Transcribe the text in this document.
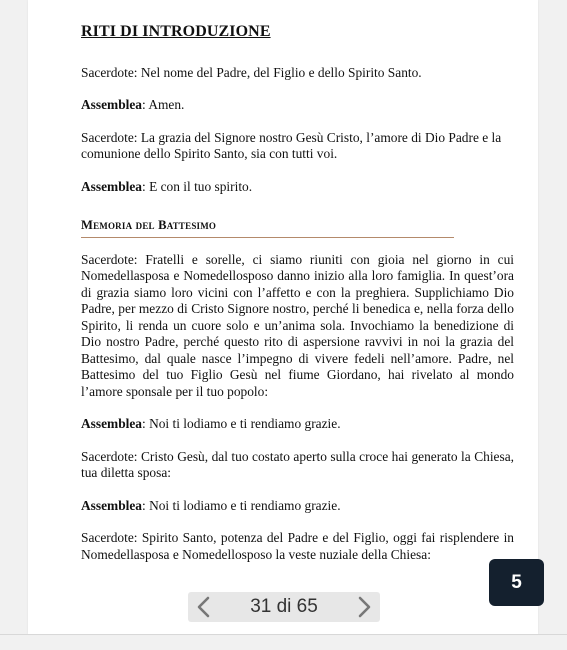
RITI DI INTRODUZIONE
Sacerdote: Nel nome del Padre, del Figlio e dello Spirito Santo.
Assemblea: Amen.
Sacerdote: La grazia del Signore nostro Gesù Cristo, l’amore di Dio Padre e la comunione dello Spirito Santo, sia con tutti voi.
Assemblea: E con il tuo spirito.
Memoria del Battesimo
Sacerdote: Fratelli e sorelle, ci siamo riuniti con gioia nel giorno in cui Nomedellasposa e Nomedellosposo danno inizio alla loro famiglia. In quest’ora di grazia siamo loro vicini con l’affetto e con la preghiera. Supplichiamo Dio Padre, per mezzo di Cristo Signore nostro, perché li benedica e, nella forza dello Spirito, li renda un cuore solo e un’anima sola. Invochiamo la benedizione di Dio nostro Padre, perché questo rito di aspersione ravvivi in noi la grazia del Battesimo, dal quale nasce l’impegno di vivere fedeli nell’amore. Padre, nel Battesimo del tuo Figlio Gesù nel fiume Giordano, hai rivelato al mondo l’amore sponsale per il tuo popolo:
Assemblea: Noi ti lodiamo e ti rendiamo grazie.
Sacerdote: Cristo Gesù, dal tuo costato aperto sulla croce hai generato la Chiesa, tua diletta sposa:
Assemblea: Noi ti lodiamo e ti rendiamo grazie.
Sacerdote: Spirito Santo, potenza del Padre e del Figlio, oggi fai risplendere in Nomedellasposa e Nomedellosposo la veste nuziale della Chiesa:
31 di 65
5
